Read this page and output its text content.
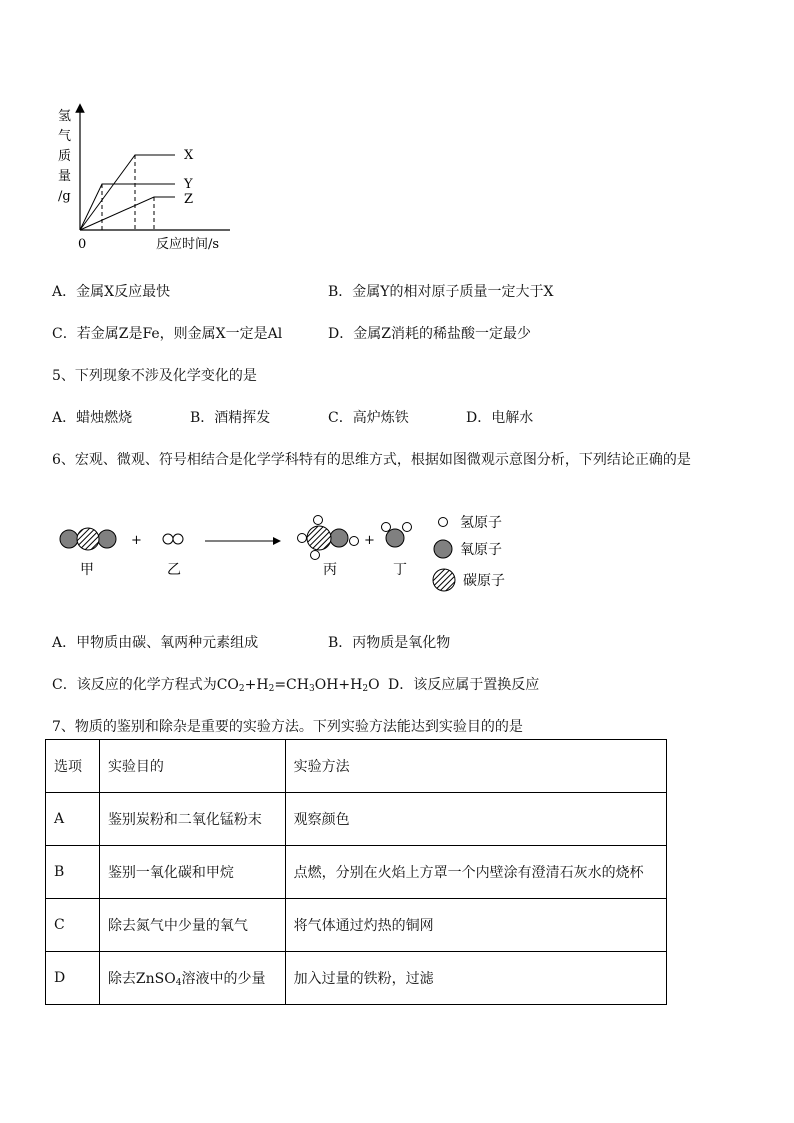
氢
气
质
量
/g
0	反应时间/s
X
Y
Z
A．金属X反应最快	B．金属Y的相对原子质量一定大于X
C．若金属Z是Fe，则金属X一定是Al	D．金属Z消耗的稀盐酸一定最少
5、下列现象不涉及化学变化的是
A．蜡烛燃烧	B．酒精挥发	C．高炉炼铁	D．电解水
6、宏观、微观、符号相结合是化学学科特有的思维方式，根据如图微观示意图分析，下列结论正确的是
+	+
甲	乙	丙	丁
氢原子
氧原子
碳原子
A．甲物质由碳、氧两种元素组成	B．丙物质是氧化物
C．该反应的化学方程式为$CO_2+H_2=CH_3OH+H_2O$ D．该反应属于置换反应
7、物质的鉴别和除杂是重要的实验方法。下列实验方法能达到实验目的的是
选项	实验目的	实验方法
A	鉴别炭粉和二氧化锰粉末	观察颜色
B	鉴别一氧化碳和甲烷	点燃，分别在火焰上方罩一个内壁涂有澄清石灰水的烧杯
C	除去氮气中少量的氧气	将气体通过灼热的铜网
D	除去ZnSO$_4$溶液中的少量	加入过量的铁粉，过滤
